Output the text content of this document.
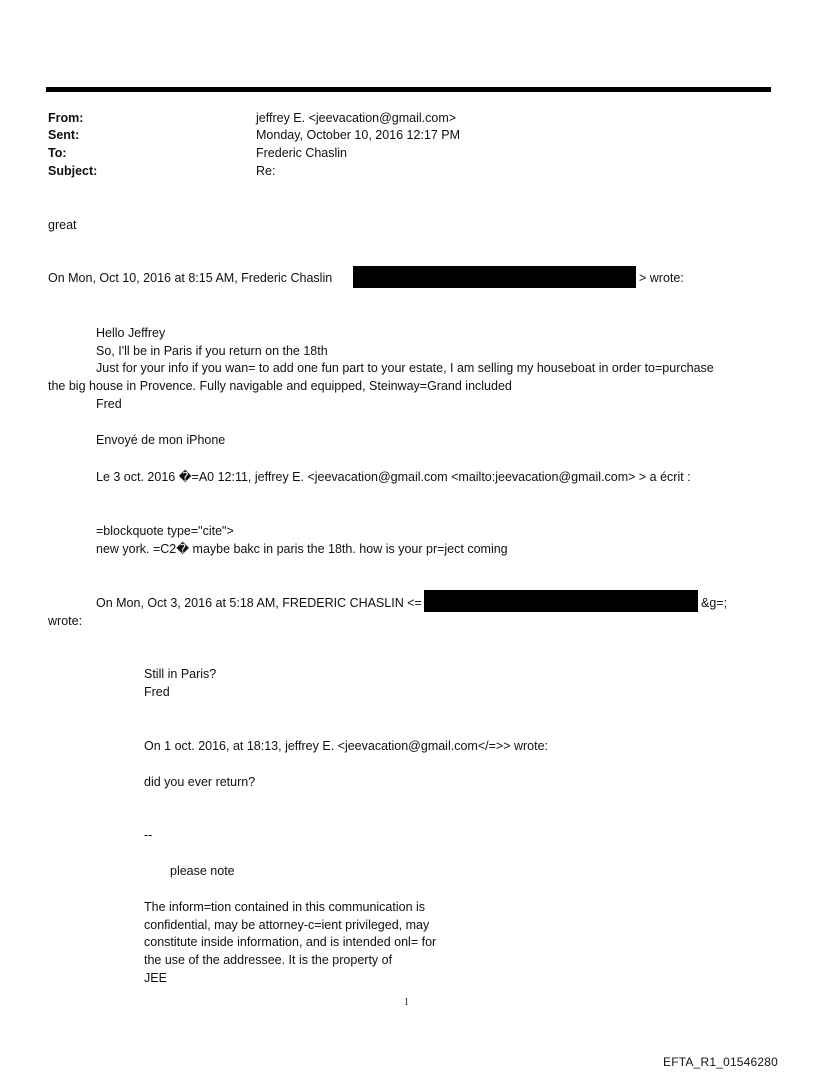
From:	jeffrey E. <jeevacation@gmail.com>
Sent:	Monday, October 10, 2016 12:17 PM
To:	Frederic Chaslin
Subject:	Re:
great
On Mon, Oct 10, 2016 at 8:15 AM, Frederic Chaslin	> wrote:
Hello Jeffrey
So, I'll be in Paris if you return on the 18th
Just for your info if you wan= to add one fun part to your estate, I am selling my houseboat in order to=purchase
the big house in Provence. Fully navigable and equipped, Steinway=Grand included
Fred
Envoyé de mon iPhone
Le 3 oct. 2016 �=A0 12:11, jeffrey E. <jeevacation@gmail.com <mailto:jeevacation@gmail.com> > a écrit :
=blockquote type="cite">
new york. =C2� maybe bakc in paris the 18th. how is your pr=ject coming
On Mon, Oct 3, 2016 at 5:18 AM, FREDERIC CHASLIN <=	&g=;
wrote:
Still in Paris?
Fred
On 1 oct. 2016, at 18:13, jeffrey E. <jeevacation@gmail.com</=>> wrote:
did you ever return?
--
please note
The inform=tion contained in this communication is
confidential, may be attorney-c=ient privileged, may
constitute inside information, and is intended onl= for
the use of the addressee. It is the property of
JEE
1
EFTA_R1_01546280
